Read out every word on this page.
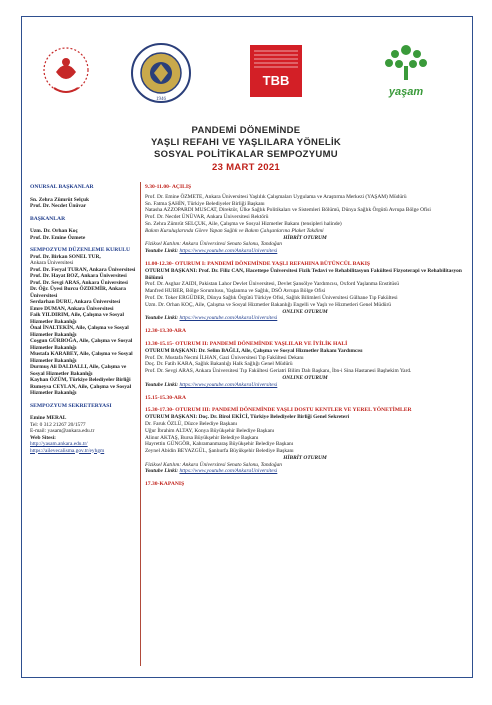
1946
TBB
yaşam
PANDEMİ DÖNEMİNDE
YAŞLI REFAHI VE YAŞLILARA YÖNELİK
SOSYAL POLİTİKALAR SEMPOZYUMU
23 MART 2021
ONURSAL BAŞKANLAR
Sn. Zehra Zümrüt Selçuk
Prof. Dr. Necdet Ünüvar
BAŞKANLAR
Uzm. Dr. Orhan Koç
Prof. Dr. Emine Özmete
SEMPOZYUM DÜZENLEME KURULU
Prof. Dr. Birkan SONEL TUR,
Ankara Üniversitesi
Prof. Dr. Feryal TURAN, Ankara Üniversitesi
Prof. Dr. Hayat BOZ, Ankara Üniversitesi
Prof. Dr. Sevgi ARAS, Ankara Üniversitesi
Dr. Öğr. Üyesi Burcu ÖZDEMİR, Ankara Üniversitesi
Serdarhan DURU, Ankara Üniversitesi
Emre DUMAN, Ankara Üniversitesi
Faik YILDIRIM, Aile, Çalışma ve Sosyal Hizmetler Bakanlığı
Önal İNALTEKİN, Aile, Çalışma ve Sosyal Hizmetler Bakanlığı
Coşgun GÜRBOĞA, Aile, Çalışma ve Sosyal Hizmetler Bakanlığı
Mustafa KARABEY, Aile, Çalışma ve Sosyal Hizmetler Bakanlığı
Durmuş Ali DALDALLI, Aile, Çalışma ve Sosyal Hizmetler Bakanlığı
Kayhan ÖZÜM, Türkiye Belediyeler Birliği
Rumeysa CEYLAN, Aile, Çalışma ve Sosyal Hizmetler Bakanlığı
SEMPOZYUM SEKRETERYASI
Emine MERAL
Tel: 0 312 21267 20/1577
E-mail: yasam@ankara.edu.tr
Web Sitesi:
http://yasam.ankara.edu.tr/
https://ailevecalisma.gov.tr/eyhgm
9.30-11.00- AÇILIŞ
Prof. Dr. Emine ÖZMETE, Ankara Üniversitesi Yaşlılık Çalışmaları Uygulama ve Araştırma Merkezi (YAŞAM) Müdürü
Sn. Fatma ŞAHİN, Türkiye Belediyeler Birliği Başkanı
Natasha AZZOPARDI MUSCAT, Direktör, Ülke Sağlık Politikaları ve Sistemleri Bölümü, Dünya Sağlık Örgütü Avrupa Bölge Ofisi
Prof. Dr. Necdet ÜNÜVAR, Ankara Üniversitesi Rektörü
Sn. Zehra Zümrüt SELÇUK, Aile, Çalışma ve Sosyal Hizmetler Bakanı (tensipleri halinde)
Bakım Kuruluşlarında Görev Yapan Sağlık ve Bakım Çalışanlarına Plaket Takdimi
HİBRİT OTURUM
Fiziksel Katılım: Ankara Üniversitesi Senato Salonu, Tandoğan
Youtube Linki: https://www.youtube.com/AnkaraUniversitesi
11.00-12.30- OTURUM I: PANDEMİ DÖNEMİNDE YAŞLI REFAHINA BÜTÜNCÜL BAKIŞ
OTURUM BAŞKANI: Prof. Dr. Filiz CAN, Hacettepe Üniversitesi Fizik Tedavi ve Rehabilitasyon Fakültesi Fizyoterapi ve Rehabilitasyon Bölümü
Prof. Dr. Asghar ZAIDI, Pakistan Lahor Devlet Üniversitesi, Devlet Şansölye Yardımcısı, Oxford Yaşlanma Enstitüsü
Manfred HUBER, Bölge Sorumlusu, Yaşlanma ve Sağlık, DSÖ Avrupa Bölge Ofisi
Prof. Dr. Toker ERGÜDER, Dünya Sağlık Örgütü Türkiye Ofisi, Sağlık Bilimleri Üniversitesi Gülhane Tıp Fakültesi
Uzm. Dr. Orhan KOÇ, Aile, Çalışma ve Sosyal Hizmetler Bakanlığı Engelli ve Yaşlı ve Hizmetleri Genel Müdürü
ONLINE OTURUM
Youtube Linki: https://www.youtube.com/AnkaraUniversitesi
12.30-13.30-ARA
13.30-15.15- OTURUM II: PANDEMİ DÖNEMİNDE YAŞLILAR VE İYİLİK HALİ
OTURUM BAŞKANI: Dr. Selim BAĞLI, Aile, Çalışma ve Sosyal Hizmetler Bakanı Yardımcısı
Prof. Dr. Mustafa Necmi İLHAN, Gazi Üniversitesi Tıp Fakültesi Dekanı
Doç. Dr. Fatih KARA, Sağlık Bakanlığı Halk Sağlığı Genel Müdürü
Prof. Dr. Sevgi ARAS, Ankara Üniversitesi Tıp Fakültesi Geriatri Bilim Dalı Başkanı, İbn-i Sina Hastanesi Başhekim Yard.
ONLINE OTURUM
Youtube Linki: https://www.youtube.com/AnkaraUniversitesi
15.15-15.30-ARA
15.30-17.30- OTURUM III: PANDEMİ DÖNEMİNDE YAŞLI DOSTU KENTLER VE YEREL YÖNETİMLER
OTURUM BAŞKANI: Doç. Dr. Birol EKİCİ, Türkiye Belediyeler Birliği Genel Sekreteri
Dr. Faruk ÖZLÜ, Düzce Belediye Başkanı
Uğur İbrahim ALTAY, Konya Büyükşehir Belediye Başkanı
Alinur AKTAŞ, Bursa Büyükşehir Belediye Başkanı
Hayrettin GÜNGÖR, Kahramanmaraş Büyükşehir Belediye Başkanı
Zeynel Abidin BEYAZGÜL, Şanlıurfa Büyükşehir Belediye Başkanı
HİBRİT OTURUM
Fiziksel Katılım: Ankara Üniversitesi Senato Salonu, Tandoğan
Youtube Linki: https://www.youtube.com/AnkaraUniversitesi
17.30-KAPANIŞ
